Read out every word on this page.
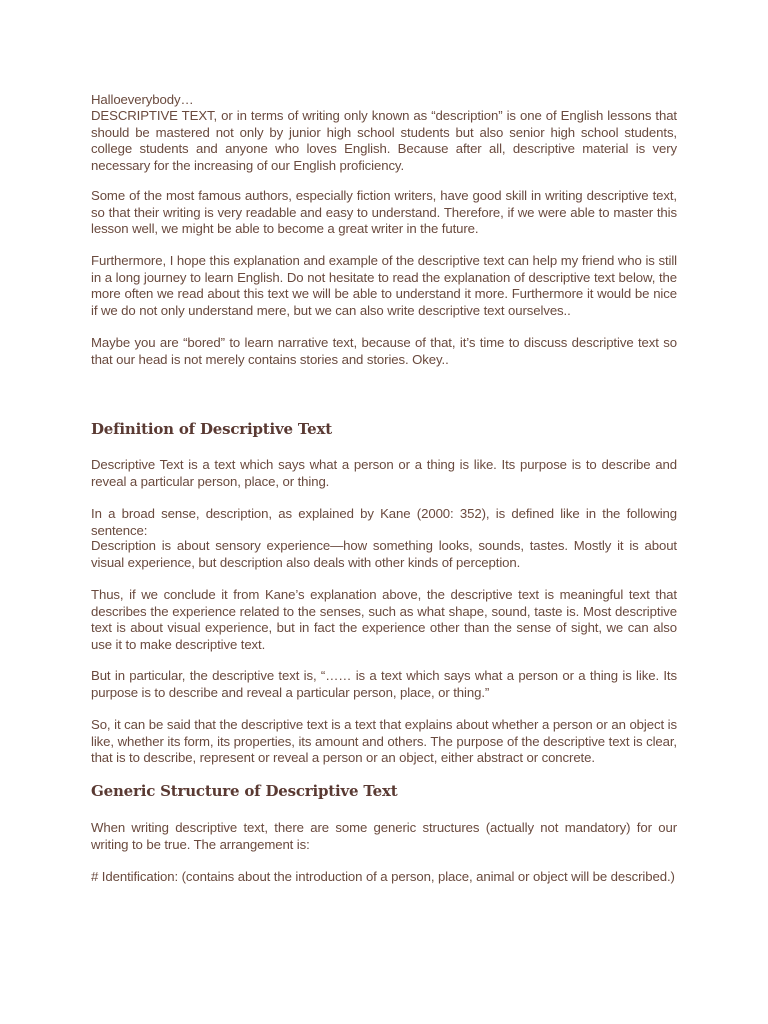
Halloeverybody…

DESCRIPTIVE TEXT, or in terms of writing only known as “description” is one of English lessons that should be mastered not only by junior high school students but also senior high school students, college students and anyone who loves English. Because after all, descriptive material is very necessary for the increasing of our English proficiency.

Some of the most famous authors, especially fiction writers, have good skill in writing descriptive text, so that their writing is very readable and easy to understand. Therefore, if we were able to master this lesson well, we might be able to become a great writer in the future.

Furthermore, I hope this explanation and example of the descriptive text can help my friend who is still in a long journey to learn English. Do not hesitate to read the explanation of descriptive text below, the more often we read about this text we will be able to understand it more. Furthermore it would be nice if we do not only understand mere, but we can also write descriptive text ourselves..

Maybe you are “bored” to learn narrative text, because of that, it’s time to discuss descriptive text so that our head is not merely contains stories and stories. Okey..

Definition of Descriptive Text

Descriptive Text is a text which says what a person or a thing is like. Its purpose is to describe and reveal a particular person, place, or thing.

In a broad sense, description, as explained by Kane (2000: 352), is defined like in the following sentence:

Description is about sensory experience—how something looks, sounds, tastes. Mostly it is about visual experience, but description also deals with other kinds of perception.

Thus, if we conclude it from Kane’s explanation above, the descriptive text is meaningful text that describes the experience related to the senses, such as what shape, sound, taste is. Most descriptive text is about visual experience, but in fact the experience other than the sense of sight, we can also use it to make descriptive text.

But in particular, the descriptive text is, “…… is a text which says what a person or a thing is like. Its purpose is to describe and reveal a particular person, place, or thing.”

So, it can be said that the descriptive text is a text that explains about whether a person or an object is like, whether its form, its properties, its amount and others. The purpose of the descriptive text is clear, that is to describe, represent or reveal a person or an object, either abstract or concrete.

Generic Structure of Descriptive Text

When writing descriptive text, there are some generic structures (actually not mandatory) for our writing to be true. The arrangement is:

# Identification: (contains about the introduction of a person, place, animal or object will be described.)
